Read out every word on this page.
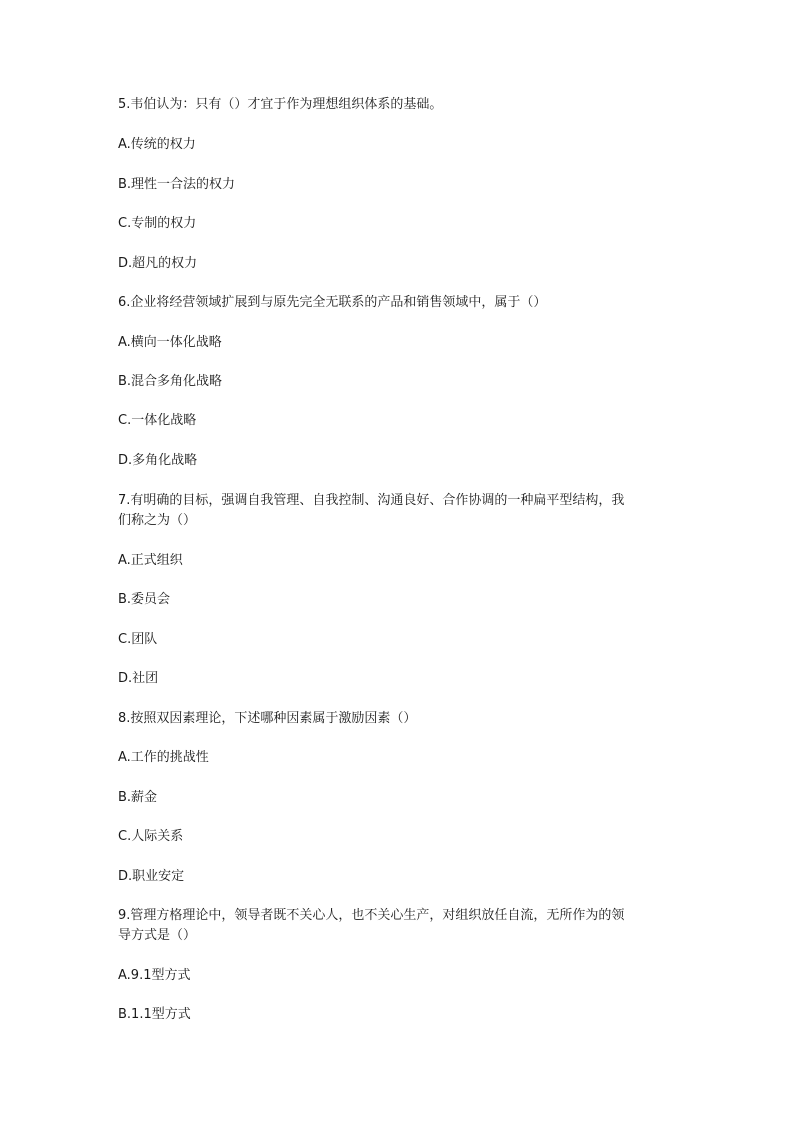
5.韦伯认为：只有（）才宜于作为理想组织体系的基础。

A.传统的权力

B.理性一合法的权力

C.专制的权力

D.超凡的权力

6.企业将经营领域扩展到与原先完全无联系的产品和销售领域中，属于（）

A.横向一体化战略

B.混合多角化战略

C.一体化战略

D.多角化战略

7.有明确的目标，强调自我管理、自我控制、沟通良好、合作协调的一种扁平型结构，我

们称之为（）

A.正式组织

B.委员会

C.团队

D.社团

8.按照双因素理论，下述哪种因素属于激励因素（）

A.工作的挑战性

B.薪金

C.人际关系

D.职业安定

9.管理方格理论中，领导者既不关心人，也不关心生产，对组织放任自流，无所作为的领

导方式是（）

A.9.1型方式

B.1.1型方式
